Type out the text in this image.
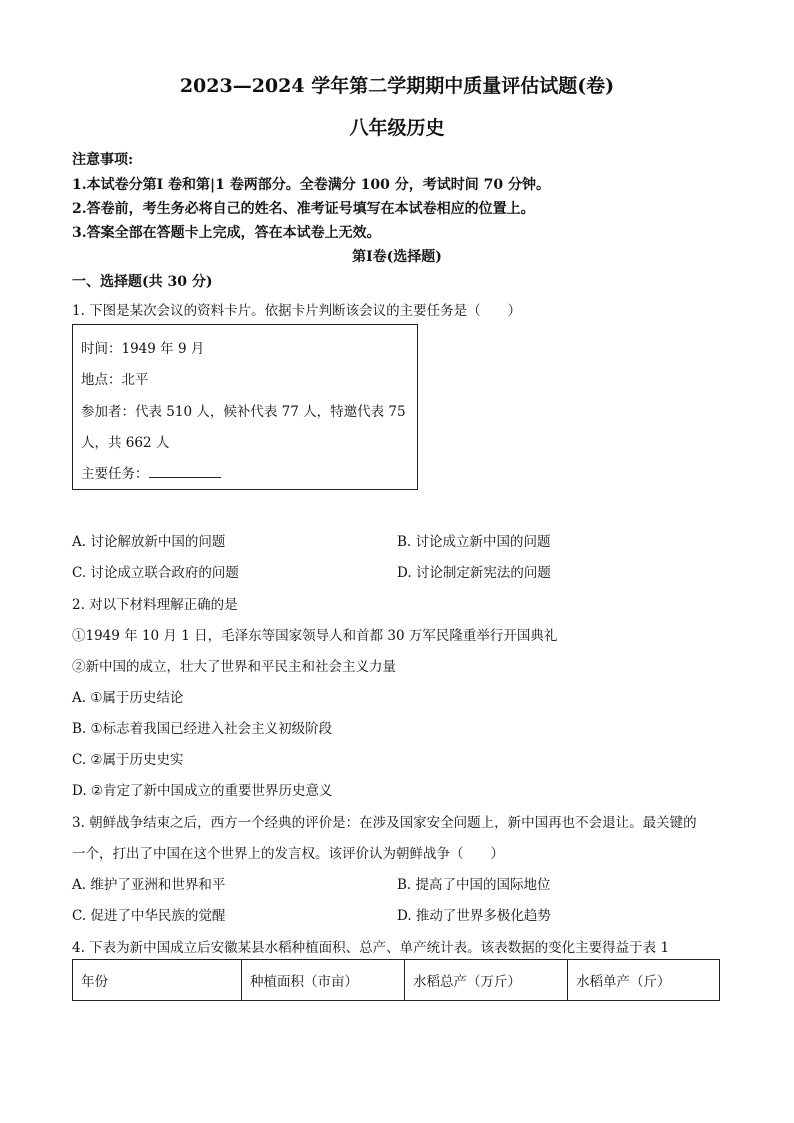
2023—2024 学年第二学期期中质量评估试题(卷)
八年级历史
注意事项:
1.本试卷分第Ⅰ 卷和第|1 卷两部分。全卷满分 100 分，考试时间 70 分钟。
2.答卷前，考生务必将自己的姓名、准考证号填写在本试卷相应的位置上。
3.答案全部在答题卡上完成，答在本试卷上无效。
第Ⅰ卷(选择题)
一、选择题(共 30 分)
1. 下图是某次会议的资料卡片。依据卡片判断该会议的主要任务是（　　）
时间：1949 年 9 月
地点：北平
参加者：代表 510 人，候补代表 77 人，特邀代表 75
人，共 662 人
主要任务：
A. 讨论解放新中国的问题	B. 讨论成立新中国的问题
C. 讨论成立联合政府的问题	D. 讨论制定新宪法的问题
2. 对以下材料理解正确的是
①1949 年 10 月 1 日，毛泽东等国家领导人和首都 30 万军民隆重举行开国典礼
②新中国的成立，壮大了世界和平民主和社会主义力量
A. ①属于历史结论
B. ①标志着我国已经进入社会主义初级阶段
C. ②属于历史史实
D. ②肯定了新中国成立的重要世界历史意义
3. 朝鲜战争结束之后，西方一个经典的评价是：在涉及国家安全问题上，新中国再也不会退让。最关键的
一个，打出了中国在这个世界上的发言权。该评价认为朝鲜战争（　　）
A. 维护了亚洲和世界和平	B. 提高了中国的国际地位
C. 促进了中华民族的觉醒	D. 推动了世界多极化趋势
4. 下表为新中国成立后安徽某县水稻种植面积、总产、单产统计表。该表数据的变化主要得益于表 1
年份	种植面积（市亩）	水稻总产（万斤）	水稻单产（斤）
